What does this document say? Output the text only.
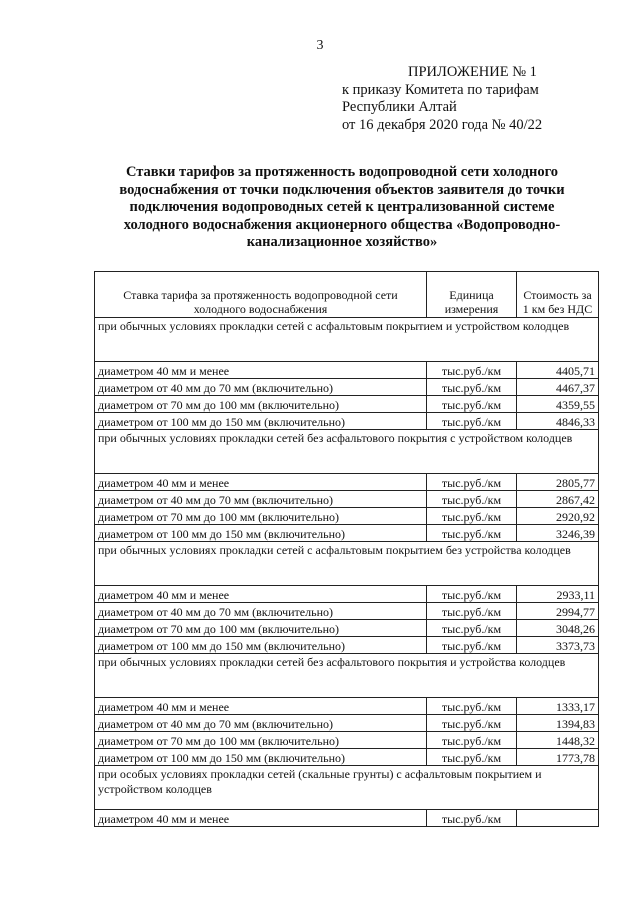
3
ПРИЛОЖЕНИЕ № 1
к приказу Комитета по тарифам
Республики Алтай
от 16 декабря 2020 года № 40/22
Ставки тарифов за протяженность водопроводной сети холодного
водоснабжения от точки подключения объектов заявителя до точки
подключения водопроводных сетей к централизованной системе
холодного водоснабжения акционерного общества «Водопроводно-
канализационное хозяйство»
Ставка тарифа за протяженность водопроводной сети холодного водоснабжения	Единица измерения	Стоимость за 1 км без НДС
при обычных условиях прокладки сетей с асфальтовым покрытием и устройством колодцев		
диаметром 40 мм и менее	тыс.руб./км	4405,71
диаметром от 40 мм до 70 мм (включительно)	тыс.руб./км	4467,37
диаметром от 70 мм до 100 мм (включительно)	тыс.руб./км	4359,55
диаметром от 100 мм до 150 мм (включительно)	тыс.руб./км	4846,33
при обычных условиях прокладки сетей без асфальтового покрытия с устройством колодцев		
диаметром 40 мм и менее	тыс.руб./км	2805,77
диаметром от 40 мм до 70 мм (включительно)	тыс.руб./км	2867,42
диаметром от 70 мм до 100 мм (включительно)	тыс.руб./км	2920,92
диаметром от 100 мм до 150 мм (включительно)	тыс.руб./км	3246,39
при обычных условиях прокладки сетей с асфальтовым покрытием без устройства колодцев		
диаметром 40 мм и менее	тыс.руб./км	2933,11
диаметром от 40 мм до 70 мм (включительно)	тыс.руб./км	2994,77
диаметром от 70 мм до 100 мм (включительно)	тыс.руб./км	3048,26
диаметром от 100 мм до 150 мм (включительно)	тыс.руб./км	3373,73
при обычных условиях прокладки сетей без асфальтового покрытия и устройства колодцев		
диаметром 40 мм и менее	тыс.руб./км	1333,17
диаметром от 40 мм до 70 мм (включительно)	тыс.руб./км	1394,83
диаметром от 70 мм до 100 мм (включительно)	тыс.руб./км	1448,32
диаметром от 100 мм до 150 мм (включительно)	тыс.руб./км	1773,78
при особых условиях прокладки сетей (скальные грунты) с асфальтовым покрытием и устройством колодцев		
диаметром 40 мм и менее	тыс.руб./км	
